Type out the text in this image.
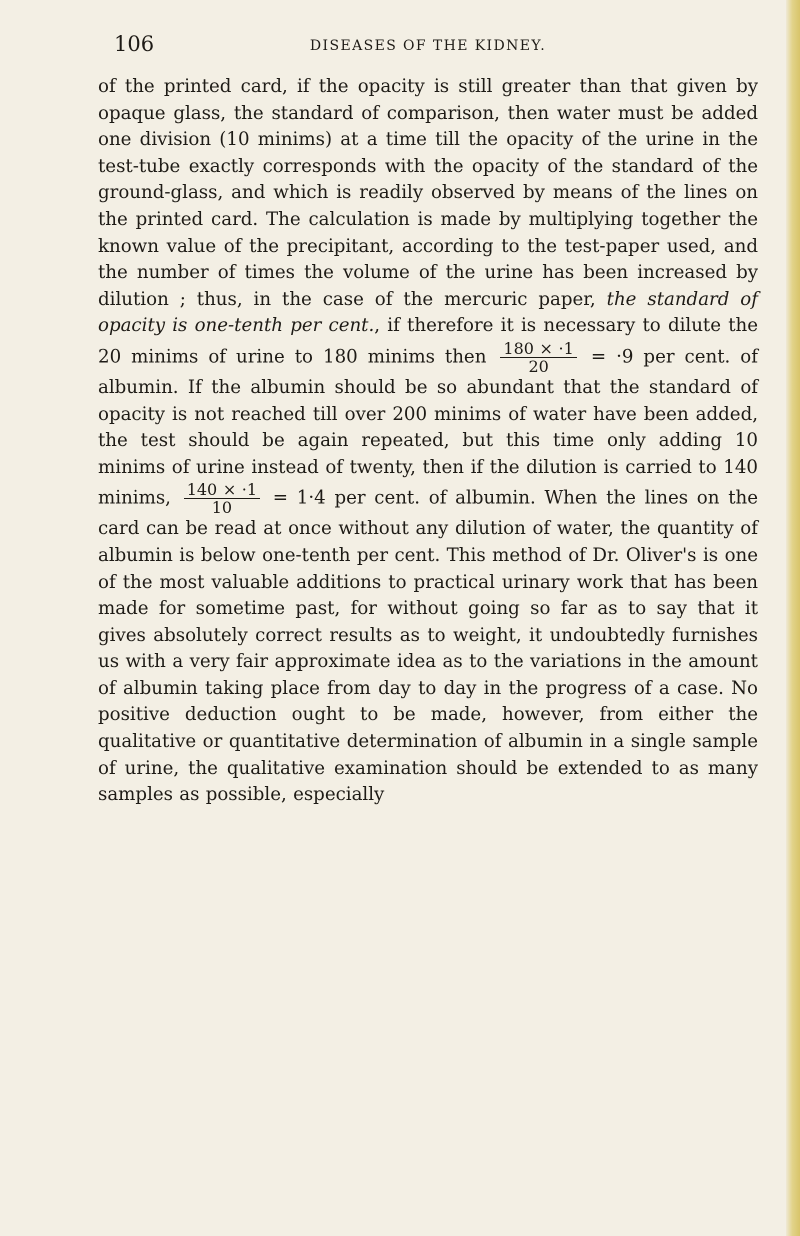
106	DISEASES OF THE KIDNEY.

of the printed card, if the opacity is still greater than that given by opaque glass, the standard of comparison, then water must be added one division (10 minims) at a time till the opacity of the urine in the test-tube exactly corresponds with the opacity of the standard of the ground-glass, and which is readily observed by means of the lines on the printed card. The calculation is made by multiplying together the known value of the precipitant, according to the test-paper used, and the number of times the volume of the urine has been increased by dilution ; thus, in the case of the mercuric paper, the standard of opacity is one-tenth per cent., if therefore it is necessary to dilute the 20 minims of urine to 180 minims then $\frac{180 \times \cdot 1}{20} = \cdot 9$ per cent. of albumin. If the albumin should be so abundant that the standard of opacity is not reached till over 200 minims of water have been added, the test should be again repeated, but this time only adding 10 minims of urine instead of twenty, then if the dilution is carried to 140 minims, $\frac{140 \times \cdot 1}{10} = 1\cdot 4$ per cent. of albumin. When the lines on the card can be read at once without any dilution of water, the quantity of albumin is below one-tenth per cent. This method of Dr. Oliver's is one of the most valuable additions to practical urinary work that has been made for sometime past, for without going so far as to say that it gives absolutely correct results as to weight, it undoubtedly furnishes us with a very fair approximate idea as to the variations in the amount of albumin taking place from day to day in the progress of a case. No positive deduction ought to be made, however, from either the qualitative or quantitative determination of albumin in a single sample of urine, the qualitative examination should be extended to as many samples as possible, especially
